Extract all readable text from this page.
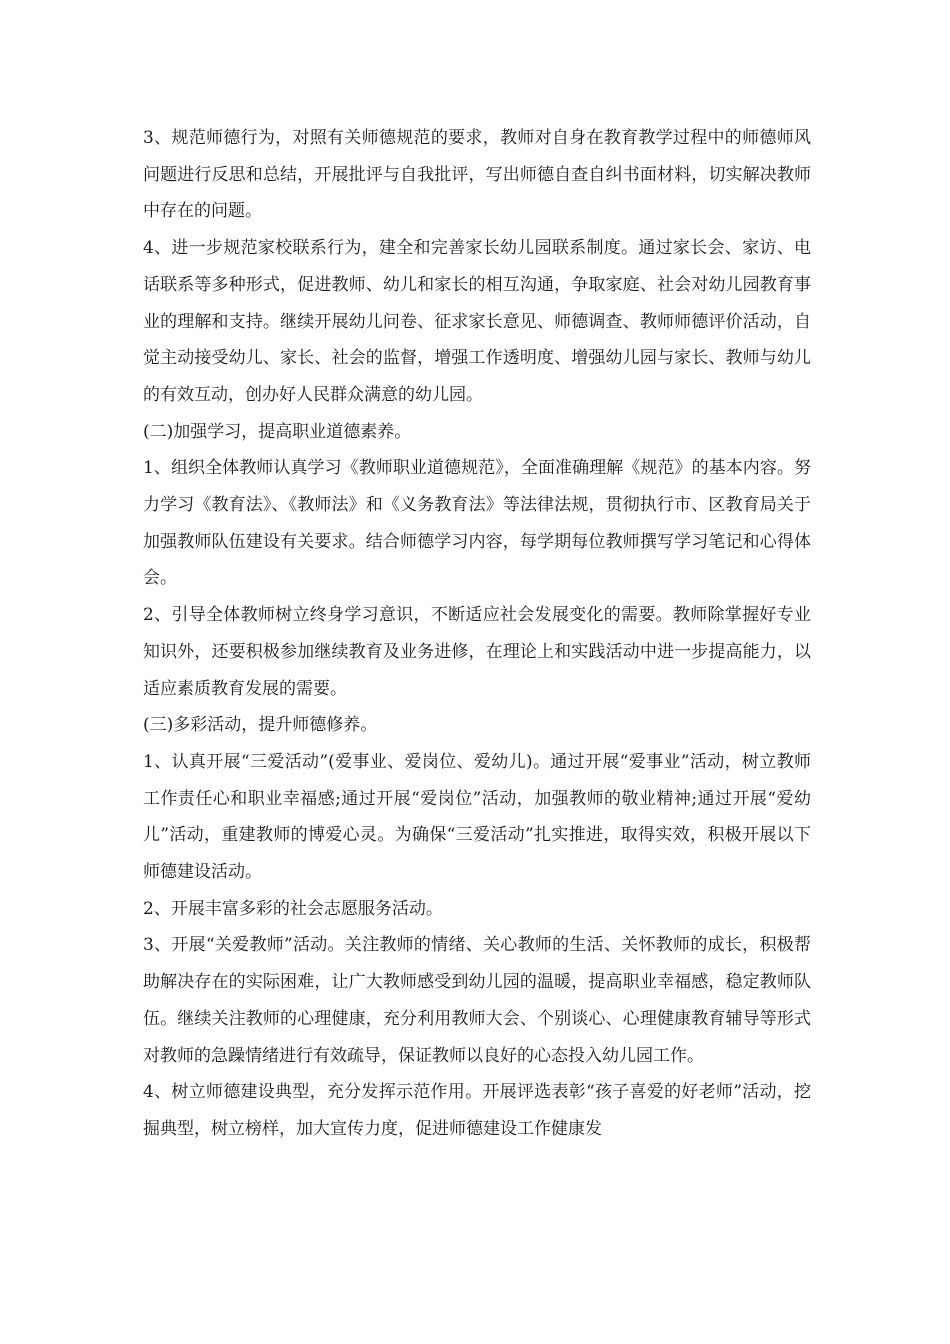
3、规范师德行为，对照有关师德规范的要求，教师对自身在教育教学过程中的师德师风问题进行反思和总结，开展批评与自我批评，写出师德自查自纠书面材料，切实解决教师中存在的问题。

4、进一步规范家校联系行为，建全和完善家长幼儿园联系制度。通过家长会、家访、电话联系等多种形式，促进教师、幼儿和家长的相互沟通，争取家庭、社会对幼儿园教育事业的理解和支持。继续开展幼儿问卷、征求家长意见、师德调查、教师师德评价活动，自觉主动接受幼儿、家长、社会的监督，增强工作透明度、增强幼儿园与家长、教师与幼儿的有效互动，创办好人民群众满意的幼儿园。

(二)加强学习，提高职业道德素养。

1、组织全体教师认真学习《教师职业道德规范》，全面准确理解《规范》的基本内容。努力学习《教育法》、《教师法》和《义务教育法》等法律法规，贯彻执行市、区教育局关于加强教师队伍建设有关要求。结合师德学习内容，每学期每位教师撰写学习笔记和心得体会。

2、引导全体教师树立终身学习意识，不断适应社会发展变化的需要。教师除掌握好专业知识外，还要积极参加继续教育及业务进修，在理论上和实践活动中进一步提高能力，以适应素质教育发展的需要。

(三)多彩活动，提升师德修养。

1、认真开展“三爱活动”(爱事业、爱岗位、爱幼儿)。通过开展“爱事业”活动，树立教师工作责任心和职业幸福感;通过开展“爱岗位”活动，加强教师的敬业精神;通过开展“爱幼儿”活动，重建教师的博爱心灵。为确保“三爱活动”扎实推进，取得实效，积极开展以下师德建设活动。

2、开展丰富多彩的社会志愿服务活动。

3、开展“关爱教师”活动。关注教师的情绪、关心教师的生活、关怀教师的成长，积极帮助解决存在的实际困难，让广大教师感受到幼儿园的温暖，提高职业幸福感，稳定教师队伍。继续关注教师的心理健康，充分利用教师大会、个别谈心、心理健康教育辅导等形式对教师的急躁情绪进行有效疏导，保证教师以良好的心态投入幼儿园工作。

4、树立师德建设典型，充分发挥示范作用。开展评选表彰“孩子喜爱的好老师”活动，挖掘典型，树立榜样，加大宣传力度，促进师德建设工作健康发
